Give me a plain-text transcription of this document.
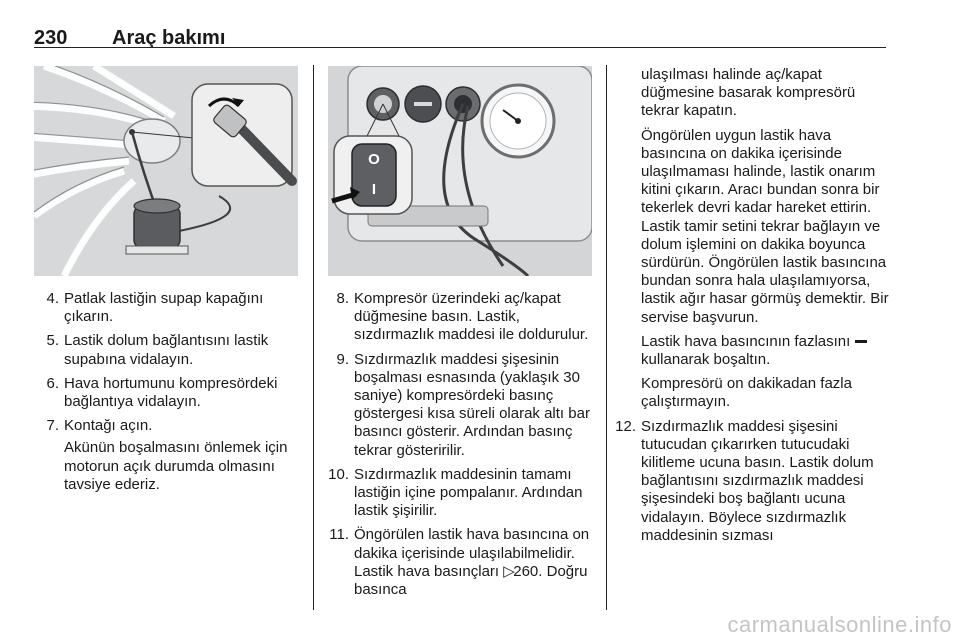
230 Araç bakımı
O
I
4. Patlak lastiğin supap kapağını çıkarın.
5. Lastik dolum bağlantısını lastik supabına vidalayın.
6. Hava hortumunu kompresördeki bağlantıya vidalayın.
7. Kontağı açın.
Akünün boşalmasını önlemek için motorun açık durumda olmasını tavsiye ederiz.
8. Kompresör üzerindeki aç/kapat düğmesine basın. Lastik, sızdırmazlık maddesi ile doldurulur.
9. Sızdırmazlık maddesi şişesinin boşalması esnasında (yaklaşık 30 saniye) kompresördeki basınç göstergesi kısa süreli olarak altı bar basıncı gösterir. Ardından basınç tekrar gösteririlir.
10. Sızdırmazlık maddesinin tamamı lastiğin içine pompalanır. Ardından lastik şişirilir.
11. Öngörülen lastik hava basıncına on dakika içerisinde ulaşılabilmelidir. Lastik hava basınçları ▷260. Doğru basınca
ulaşılması halinde aç/kapat düğmesine basarak kompresörü tekrar kapatın.
Öngörülen uygun lastik hava basıncına on dakika içerisinde ulaşılmaması halinde, lastik onarım kitini çıkarın. Aracı bundan sonra bir tekerlek devri kadar hareket ettirin. Lastik tamir setini tekrar bağlayın ve dolum işlemini on dakika boyunca sürdürün. Öngörülen lastik basıncına bundan sonra hala ulaşılamıyorsa, lastik ağır hasar görmüş demektir. Bir servise başvurun.
Lastik hava basıncının fazlasını  kullanarak boşaltın.
Kompresörü on dakikadan fazla çalıştırmayın.
12. Sızdırmazlık maddesi şişesini tutucudan çıkarırken tutucudaki kilitleme ucuna basın. Lastik dolum bağlantısını sızdırmazlık maddesi şişesindeki boş bağlantı ucuna vidalayın. Böylece sızdırmazlık maddesinin sızması
carmanualsonline.info
